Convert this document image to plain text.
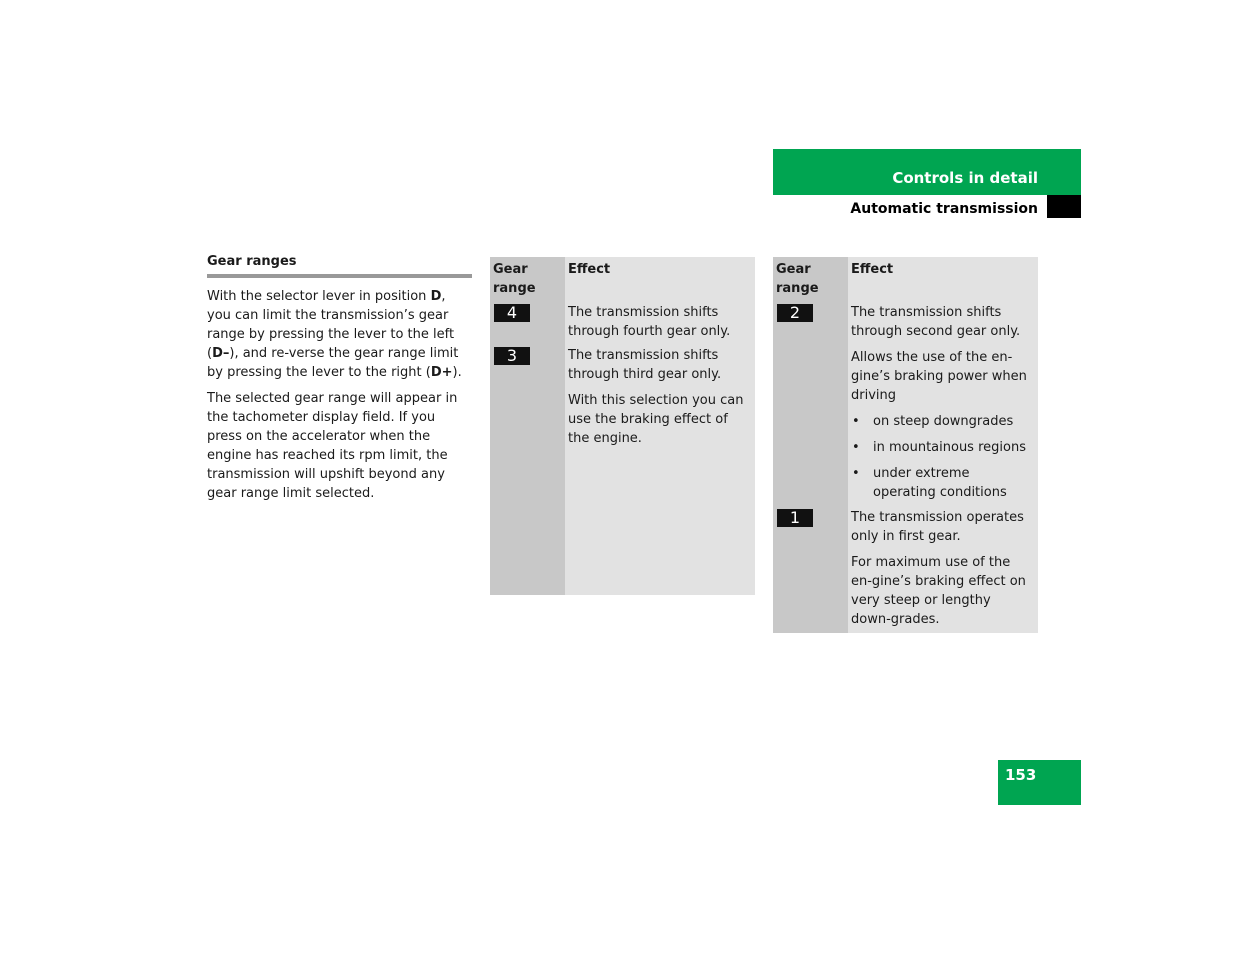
Controls in detail
Automatic transmission
Gear ranges

With the selector lever in position D, you can limit the transmission’s gear range by pressing the lever to the left (D–), and re-verse the gear range limit by pressing the lever to the right (D+).

The selected gear range will appear in the tachometer display field. If you press on the accelerator when the engine has reached its rpm limit, the transmission will upshift beyond any gear range limit selected.

Gear range
Effect
4	The transmission shifts through fourth gear only.

3	The transmission shifts through third gear only.

With this selection you can use the braking effect of the engine.

Gear range
Effect
2	The transmission shifts through second gear only.

Allows the use of the en-gine’s braking power when driving

• on steep downgrades
• in mountainous regions
• under extreme operating conditions
1	The transmission operates only in first gear.

For maximum use of the en-gine’s braking effect on very steep or lengthy down-grades.

153
